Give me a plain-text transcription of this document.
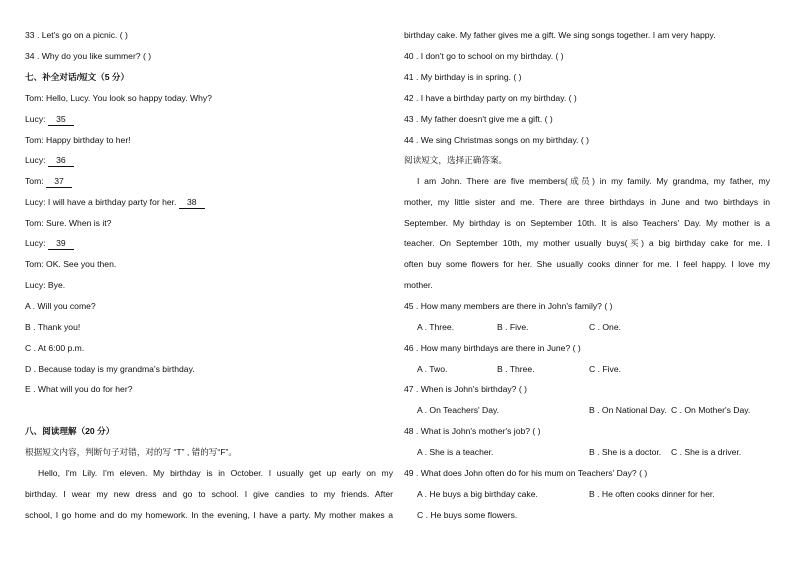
33 . Let's go on a picnic. ( )
34 . Why do you like summer? ( )
七、补全对话/短文（5 分）
Tom: Hello, Lucy. You look so happy today. Why?
Lucy: 35
Tom: Happy birthday to her!
Lucy: 36
Tom: 37
Lucy: I will have a birthday party for her. 38
Tom: Sure. When is it?
Lucy: 39
Tom: OK. See you then.
Lucy: Bye.
A . Will you come?
B . Thank you!
C . At 6:00 p.m.
D . Because today is my grandma's birthday.
E . What will you do for her?
八、阅读理解（20 分）
根据短文内容，判断句子对错，对的写 “T” , 错的写“F”。
Hello, I'm Lily. I'm eleven. My birthday is in October. I usually get up early on my
birthday. I wear my new dress and go to school. I give candies to my friends. After
school, I go home and do my homework. In the evening, I have a party. My mother makes a
birthday cake. My father gives me a gift. We sing songs together. I am very happy.
40 . I don't go to school on my birthday. ( )
41 . My birthday is in spring. ( )
42 . I have a birthday party on my birthday. ( )
43 . My father doesn't give me a gift. ( )
44 . We sing Christmas songs on my birthday. ( )
阅读短文，选择正确答案。
I am John. There are five members(成员) in my family. My grandma, my father, my
mother, my little sister and me. There are three birthdays in June and two birthdays in
September. My birthday is on September 10th. It is also Teachers' Day. My mother is a
teacher. On September 10th, my mother usually buys(买) a big birthday cake for me. I
often buy some flowers for her. She usually cooks dinner for me. I feel happy. I love my
mother.
45 . How many members are there in John's family? ( )
A . Three.	B . Five.	C . One.
46 . How many birthdays are there in June? ( )
A . Two.	B . Three.	C . Five.
47 . When is John's birthday? ( )
A . On Teachers' Day.	B . On National Day. C . On Mother's Day.
48 . What is John's mother's job? ( )
A . She is a teacher.	B . She is a doctor. C . She is a driver.
49 . What does John often do for his mum on Teachers' Day? ( )
A . He buys a big birthday cake.	B . He often cooks dinner for her.
C . He buys some flowers.
